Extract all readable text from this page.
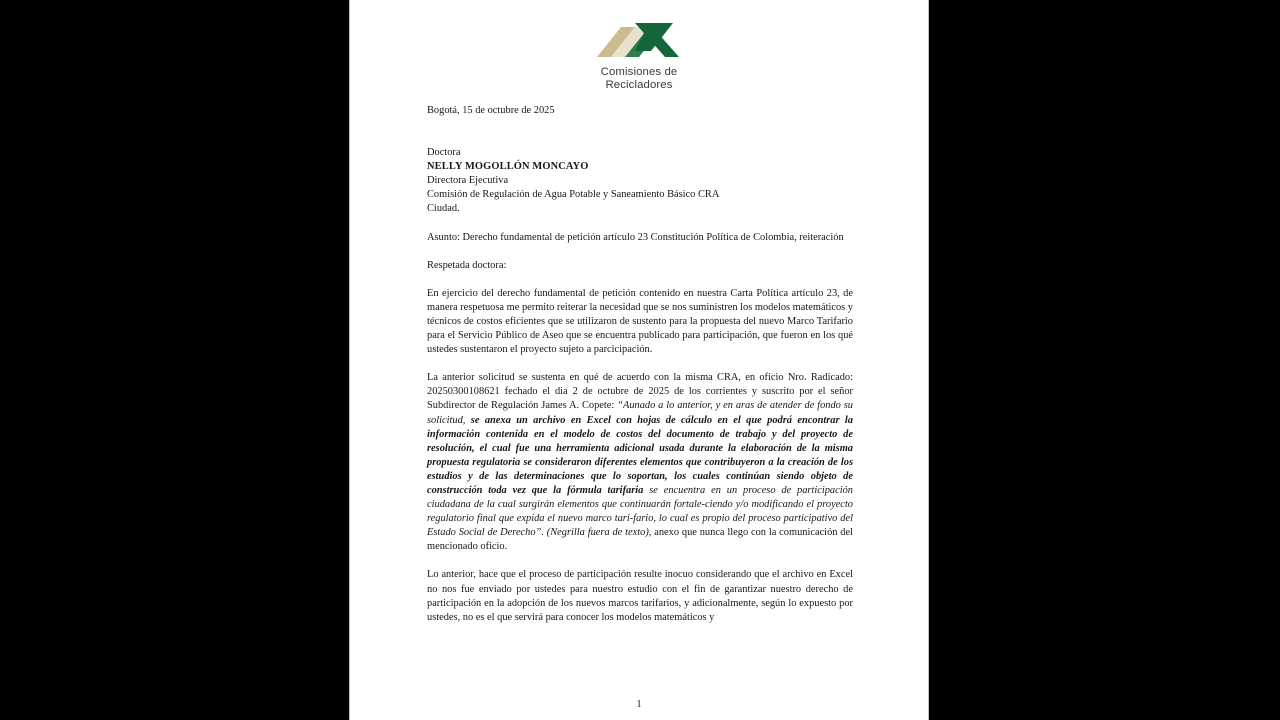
Comisiones de
Recicladores

Bogotá, 15 de octubre de 2025

Doctora

NELLY MOGOLLÓN MONCAYO

Directora Ejecutiva

Comisión de Regulación de Agua Potable y Saneamiento Básico CRA

Ciudad.

Asunto: Derecho fundamental de petición artículo 23 Constitución Política de Colombia, reiteración

Respetada doctora:

En ejercicio del derecho fundamental de petición contenido en nuestra Carta Política artículo 23, de manera respetuosa me permito reiterar la necesidad que se nos suministren los modelos matemáticos y técnicos de costos eficientes que se utilizaron de sustento para la propuesta del nuevo Marco Tarifario para el Servicio Público de Aseo que se encuentra publicado para participación, que fueron en los qué ustedes sustentaron el proyecto sujeto a parcicipación.

La anterior solicitud se sustenta en qué de acuerdo con la misma CRA, en oficio Nro. Radicado: 20250300108621 fechado el dia 2 de octubre de 2025 de los corrientes y suscrito por el señor Subdirector de Regulación James A. Copete: “Aunado a lo anterior, y en aras de atender de fondo su solicitud, se anexa un archivo en Excel con hojas de cálculo en el que podrá encontrar la información contenida en el modelo de costos del documento de trabajo y del proyecto de resolución, el cual fue una herramienta adicional usada durante la elaboración de la misma propuesta regulatoria se consideraron diferentes elementos que contribuyeron a la creación de los estudios y de las determinaciones que lo soportan, los cuales continúan siendo objeto de construcción toda vez que la fórmula tarifaria se encuentra en un proceso de participación ciudadana de la cual surgirán elementos que continuarán fortale-ciendo y/o modificando el proyecto regulatorio final que expida el nuevo marco tari-fario, lo cual es propio del proceso participativo del Estado Social de Derecho”. (Negrilla fuera de texto), anexo que nunca llego con la comunicación del mencionado oficio.

Lo anterior, hace que el proceso de participación resulte inocuo considerando que el archivo en Excel no nos fue enviado por ustedes para nuestro estudio con el fin de garantizar nuestro derecho de participación en la adopción de los nuevos marcos tarifarios, y adicionalmente, según lo expuesto por ustedes, no es el que servirá para conocer los modelos matemáticos y

1
